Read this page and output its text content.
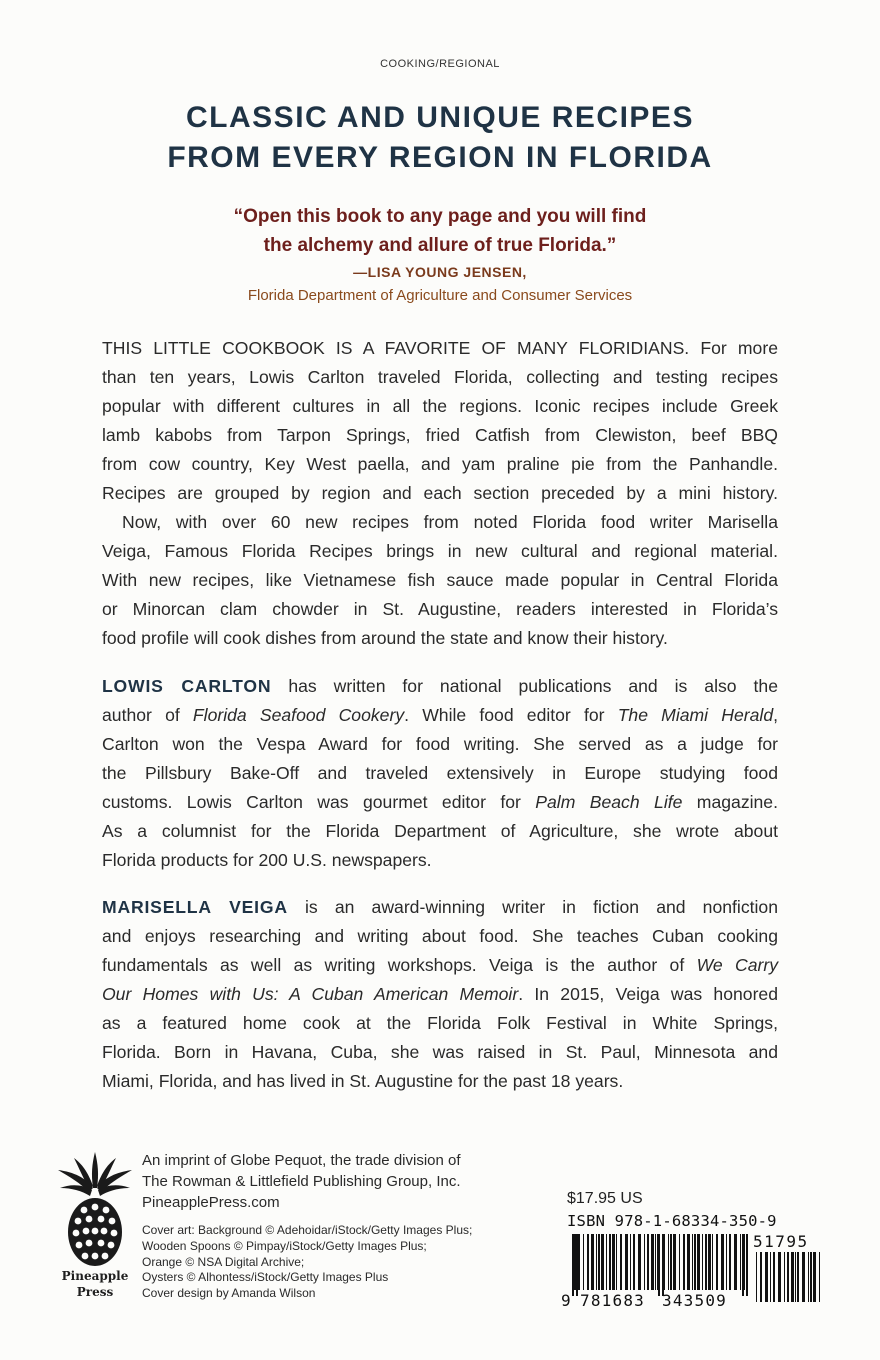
COOKING/REGIONAL
CLASSIC AND UNIQUE RECIPES
FROM EVERY REGION IN FLORIDA
“Open this book to any page and you will find
the alchemy and allure of true Florida.”
—LISA YOUNG JENSEN,
Florida Department of Agriculture and Consumer Services
THIS LITTLE COOKBOOK IS A FAVORITE OF MANY FLORIDIANS. For more
than ten years, Lowis Carlton traveled Florida, collecting and testing recipes
popular with different cultures in all the regions. Iconic recipes include Greek
lamb kabobs from Tarpon Springs, fried Catfish from Clewiston, beef BBQ
from cow country, Key West paella, and yam praline pie from the Panhandle.
Recipes are grouped by region and each section preceded by a mini history.
Now, with over 60 new recipes from noted Florida food writer Marisella
Veiga, Famous Florida Recipes brings in new cultural and regional material.
With new recipes, like Vietnamese fish sauce made popular in Central Florida
or Minorcan clam chowder in St. Augustine, readers interested in Florida’s
food profile will cook dishes from around the state and know their history.
LOWIS CARLTON has written for national publications and is also the
author of Florida Seafood Cookery. While food editor for The Miami Herald,
Carlton won the Vespa Award for food writing. She served as a judge for
the Pillsbury Bake-Off and traveled extensively in Europe studying food
customs. Lowis Carlton was gourmet editor for Palm Beach Life magazine.
As a columnist for the Florida Department of Agriculture, she wrote about
Florida products for 200 U.S. newspapers.
MARISELLA VEIGA is an award-winning writer in fiction and nonfiction
and enjoys researching and writing about food. She teaches Cuban cooking
fundamentals as well as writing workshops. Veiga is the author of We Carry
Our Homes with Us: A Cuban American Memoir. In 2015, Veiga was honored
as a featured home cook at the Florida Folk Festival in White Springs,
Florida. Born in Havana, Cuba, she was raised in St. Paul, Minnesota and
Miami, Florida, and has lived in St. Augustine for the past 18 years.
Pineapple
Press
An imprint of Globe Pequot, the trade division of
The Rowman & Littlefield Publishing Group, Inc.
PineapplePress.com
Cover art: Background © Adehoidar/iStock/Getty Images Plus;
Wooden Spoons © Pimpay/iStock/Getty Images Plus;
Orange © NSA Digital Archive;
Oysters © Alhontess/iStock/Getty Images Plus
Cover design by Amanda Wilson
$17.95 US
ISBN 978-1-68334-350-9
51795
9 781683 343509
